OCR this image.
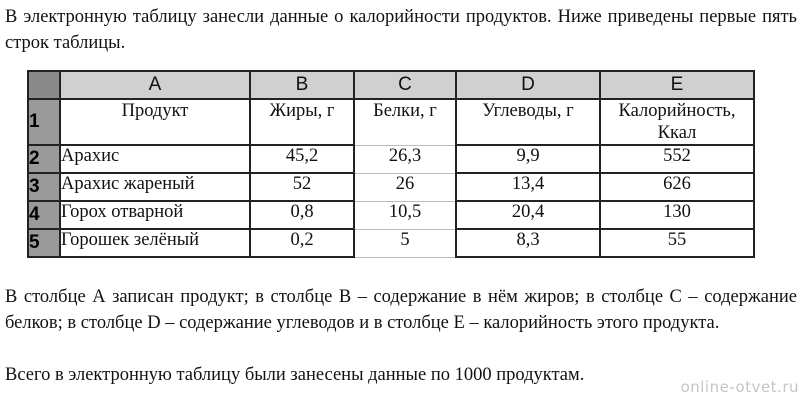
В электронную таблицу занесли данные о калорийности продуктов. Ниже приведены первые пять строк таблицы.

	A	B	C	D	E
1	Продукт	Жиры, г	Белки, г	Углеводы, г	Калорийность, Ккал
2	Арахис	45,2	26,3	9,9	552
3	Арахис жареный	52	26	13,4	626
4	Горох отварной	0,8	10,5	20,4	130
5	Горошек зелёный	0,2	5	8,3	55

В столбце А записан продукт; в столбце В – содержание в нём жиров; в столбце С – содержание белков; в столбце D – содержание углеводов и в столбце Е – калорийность этого продукта.

Всего в электронную таблицу были занесены данные по 1000 продуктам.

online-otvet.ru
